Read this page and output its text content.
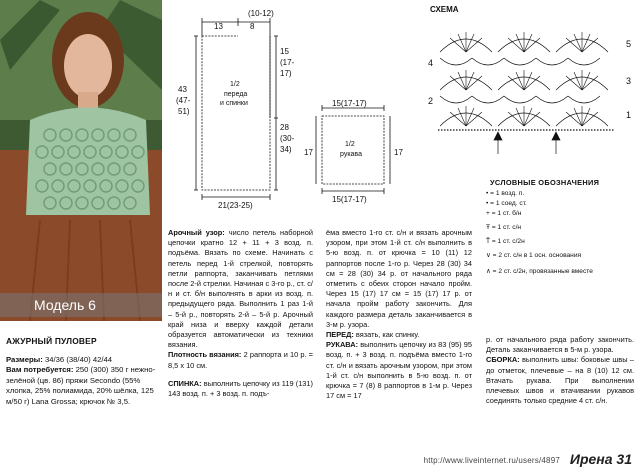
Модель 6
АЖУРНЫЙ ПУЛОВЕР
Размеры: 34/36 (38/40) 42/44
Вам потребуется: 250 (300) 350 г нежно-зелёной (цв. 86) пряжи Secondo (55% хлопка, 25% полиамида, 20% шёлка, 125 м/50 г) Lana Grossa; крючок № 3,5.
13	8
(10-12)
43
(47-
51)
15
(17-
17)
28
(30-
34)
1/2
переда
и спинки
21(23-25)
15(17-17)
17	17
1/2
рукава
15(17-17)
СХЕМА
4
2
5
3
1
УСЛОВНЫЕ ОБОЗНАЧЕНИЯ
• = 1 возд. п.
• = 1 соед. ст.
+ = 1 ст. б/н
Ŧ = 1 ст. с/н
Ť = 1 ст. с/2н
∨ = 2 ст. с/н в 1 осн. основания
∧ = 2 ст. с/2н, провязанные вместе

Арочный узор: число петель наборной цепочки кратно 12 + 11 + 3 возд. п. подъёма. Вязать по схеме. Начинать с петель перед 1-й стрелкой, повторять петли раппорта, заканчивать петлями после 2-й стрелки. Начиная с 3-го р., ст. с/н и ст. б/н выполнять в арки из возд. п. предыдущего ряда. Выполнить 1 раз 1-й – 5-й р., повторять 2-й – 5-й р. Арочный край низа и вверху каждой детали образуется автоматически из техники вязания.

Плотность вязания: 2 раппорта и 10 р. = 8,5 х 10 см.

СПИНКА: выполнить цепочку из 119 (131) 143 возд. п. + 3 возд. п. подъ-

ёма вместо 1-го ст. с/н и вязать арочным узором, при этом 1-й ст. с/н выполнить в 5-ю возд. п. от крючка = 10 (11) 12 раппортов после 1-го р. Через 28 (30) 34 см = 28 (30) 34 р. от начального ряда отметить с обеих сторон начало пройм. Через 15 (17) 17 см = 15 (17) 17 р. от начала пройм работу закончить. Для каждого размера деталь заканчивается в 3-м р. узора.

ПЕРЕД: вязать, как спинку.

РУКАВА: выполнить цепочку из 83 (95) 95 возд. п. + 3 возд. п. подъёма вместо 1-го ст. с/н и вязать арочным узором, при этом 1-й ст. с/н выполнить в 5-ю возд. п. от крючка = 7 (8) 8 раппортов в 1-м р. Через 17 см = 17

р. от начального ряда работу закончить. Деталь заканчивается в 5-м р. узора.

СБОРКА: выполнить швы: боковые швы – до отметок, плечевые – на 8 (10) 12 см. Втачать рукава. При выполнении плечевых швов и втачивании рукавов соединять только средние 4 ст. с/н.

http://www.liveinternet.ru/users/4897 Ирена 31
